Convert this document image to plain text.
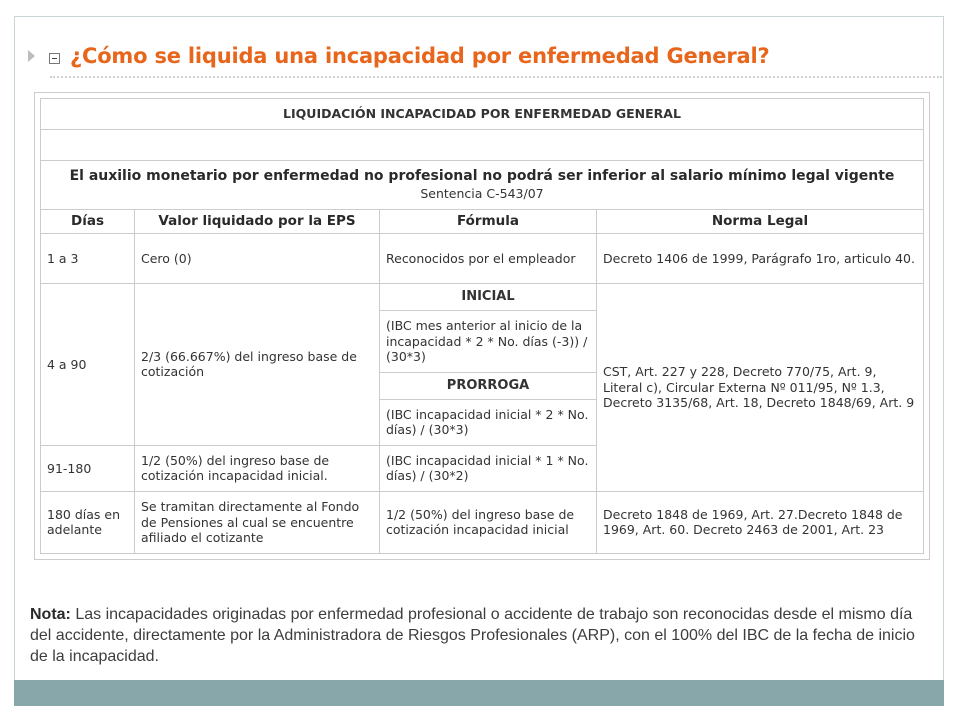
¿Cómo se liquida una incapacidad por enfermedad General?
LIQUIDACIÓN INCAPACIDAD POR ENFERMEDAD GENERAL			

El auxilio monetario por enfermedad no profesional no podrá ser inferior al salario mínimo legal vigente
Sentencia C-543/07			

Días	Valor liquidado por la EPS	Fórmula	Norma Legal
1 a 3	Cero (0)	Reconocidos por el empleador	Decreto 1406 de 1999, Parágrafo 1ro, articulo 40.
4 a 90	2/3 (66.667%) del ingreso base de cotización	INICIAL	CST, Art. 227 y 228, Decreto 770/75, Art. 9, Literal c), Circular Externa Nº 011/95, Nº 1.3, Decreto 3135/68, Art. 18, Decreto 1848/69, Art. 9
		(IBC mes anterior al inicio de la incapacidad * 2 * No. días (-3)) / (30*3)	
		PRORROGA	
		(IBC incapacidad inicial * 2 * No. días) / (30*3)	
91-180	1/2 (50%) del ingreso base de cotización incapacidad inicial.	(IBC incapacidad inicial * 1 * No. días) / (30*2)	
180 días en adelante	Se tramitan directamente al Fondo de Pensiones al cual se encuentre afiliado el cotizante	1/2 (50%) del ingreso base de cotización incapacidad inicial	Decreto 1848 de 1969, Art. 27.Decreto 1848 de 1969, Art. 60. Decreto 2463 de 2001, Art. 23
Nota: Las incapacidades originadas por enfermedad profesional o accidente de trabajo son reconocidas desde el mismo día del accidente, directamente por la Administradora de Riesgos Profesionales (ARP), con el 100% del IBC de la fecha de inicio de la incapacidad.
